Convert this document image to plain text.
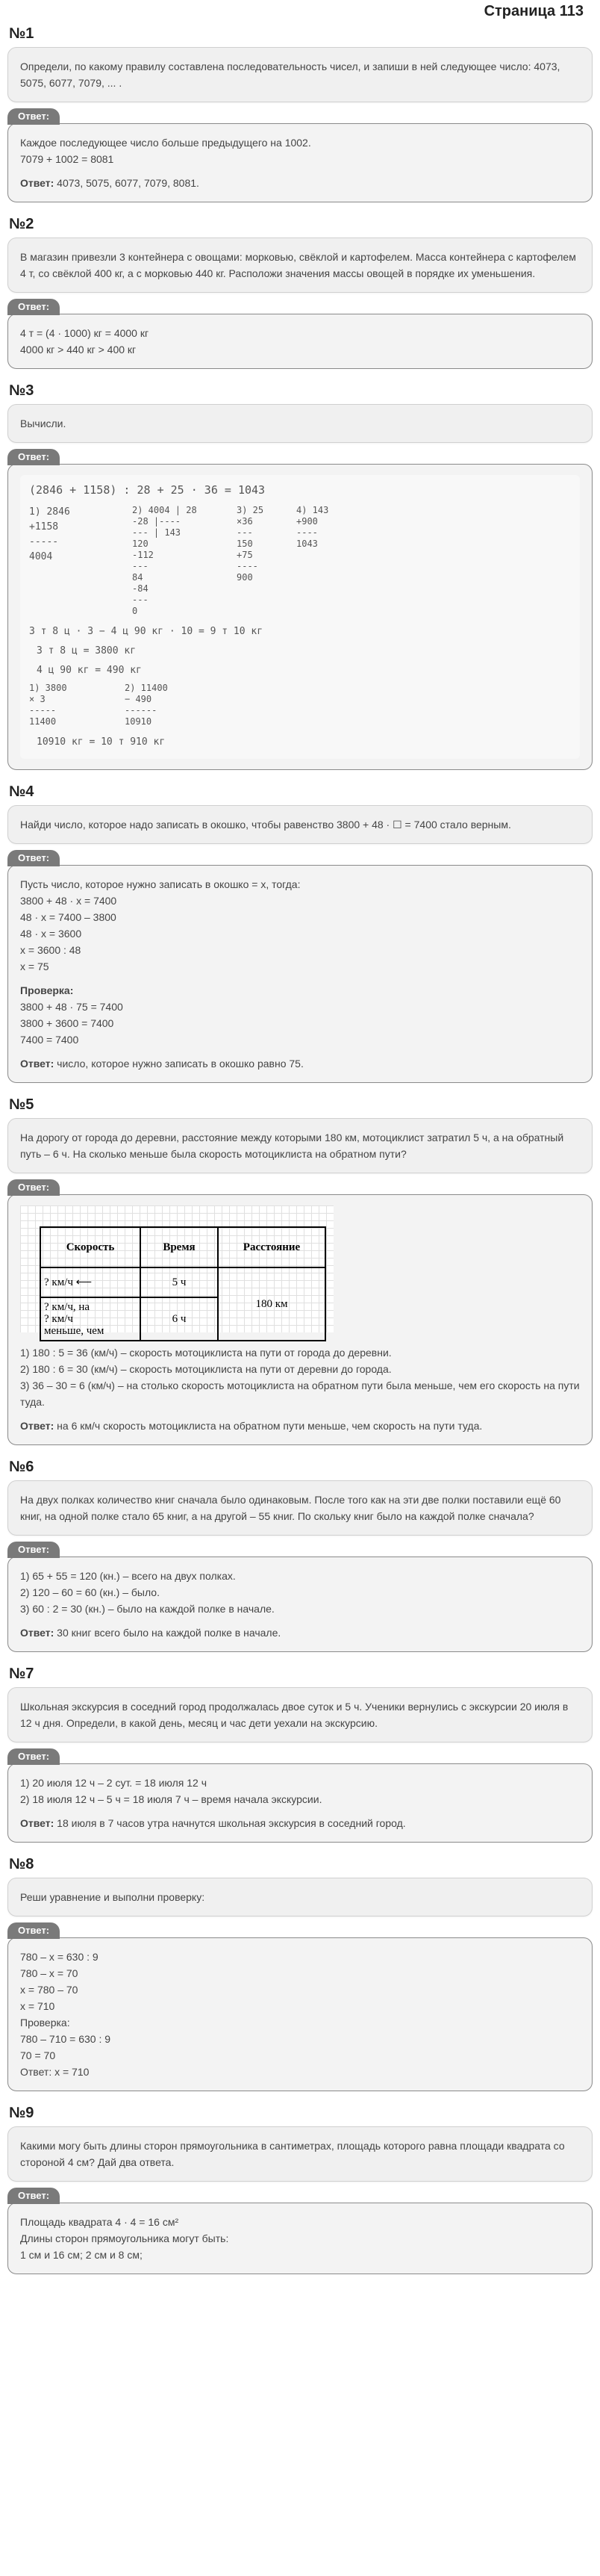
Страница 113
№1
Определи, по какому правилу составлена последовательность чисел, и запиши в ней следующее число: 4073, 5075, 6077, 7079, ... .
Ответ:
Каждое последующее число больше предыдущего на 1002.
7079 + 1002 = 8081
Ответ: 4073, 5075, 6077, 7079, 8081.
№2
В магазин привезли 3 контейнера с овощами: морковью, свёклой и картофелем. Масса контейнера с картофелем 4 т, со свёклой 400 кг, а с морковью 440 кг. Расположи значения массы овощей в порядке их уменьшения.
Ответ:
4 т = (4 · 1000) кг = 4000 кг
4000 кг > 440 кг > 400 кг
№3
Вычисли.
Ответ:
(2846 + 1158) : 28 + 25 · 36 = 1043
1) 2846
+1158
-----
4004
2) 4004 | 28
-28 |----
--- | 143
120
-112
---
84
-84
---
0
3) 25
×36
---
150
+75
----
900
4) 143
+900
----
1043
3 т 8 ц · 3 − 4 ц 90 кг · 10 = 9 т 10 кг
3 т 8 ц = 3800 кг
4 ц 90 кг = 490 кг
1) 3800
× 3
-----
11400
2) 11400
− 490
------
10910
10910 кг = 10 т 910 кг
№4
Найди число, которое надо записать в окошко, чтобы равенство 3800 + 48 · ☐ = 7400 стало верным.
Ответ:
Пусть число, которое нужно записать в окошко = х, тогда:
3800 + 48 · х = 7400
48 · х = 7400 – 3800
48 · х = 3600
х = 3600 : 48
х = 75
Проверка:
3800 + 48 · 75 = 7400
3800 + 3600 = 7400
7400 = 7400
Ответ: число, которое нужно записать в окошко равно 75.
№5
На дорогу от города до деревни, расстояние между которыми 180 км, мотоциклист затратил 5 ч, а на обратный путь – 6 ч. На сколько меньше была скорость мотоциклиста на обратном пути?
Ответ:
Скорость	Время	Расстояние
? км/ч ⟵	5 ч	180 км

? км/ч, на
? км/ч
меньше, чем	6 ч	
1) 180 : 5 = 36 (км/ч) – скорость мотоциклиста на пути от города до деревни.
2) 180 : 6 = 30 (км/ч) – скорость мотоциклиста на пути от деревни до города.
3) 36 – 30 = 6 (км/ч) – на столько скорость мотоциклиста на обратном пути была меньше, чем его скорость на пути туда.
Ответ: на 6 км/ч скорость мотоциклиста на обратном пути меньше, чем скорость на пути туда.
№6
На двух полках количество книг сначала было одинаковым. После того как на эти две полки поставили ещё 60 книг, на одной полке стало 65 книг, а на другой – 55 книг. По скольку книг было на каждой полке сначала?
Ответ:
1) 65 + 55 = 120 (кн.) – всего на двух полках.
2) 120 – 60 = 60 (кн.) – было.
3) 60 : 2 = 30 (кн.) – было на каждой полке в начале.
Ответ: 30 книг всего было на каждой полке в начале.
№7
Школьная экскурсия в соседний город продолжалась двое суток и 5 ч. Ученики вернулись с экскурсии 20 июля в 12 ч дня. Определи, в какой день, месяц и час дети уехали на экскурсию.
Ответ:
1) 20 июля 12 ч – 2 сут. = 18 июля 12 ч
2) 18 июля 12 ч – 5 ч = 18 июля 7 ч – время начала экскурсии.
Ответ: 18 июля в 7 часов утра начнутся школьная экскурсия в соседний город.
№8
Реши уравнение и выполни проверку:
Ответ:
780 – х = 630 : 9
780 – х = 70
х = 780 – 70
х = 710
Проверка:
780 – 710 = 630 : 9
70 = 70
Ответ: х = 710
№9
Какими могу быть длины сторон прямоугольника в сантиметрах, площадь которого равна площади квадрата со стороной 4 см? Дай два ответа.
Ответ:
Площадь квадрата 4 · 4 = 16 см²
Длины сторон прямоугольника могут быть:
1 см и 16 см; 2 см и 8 см;
